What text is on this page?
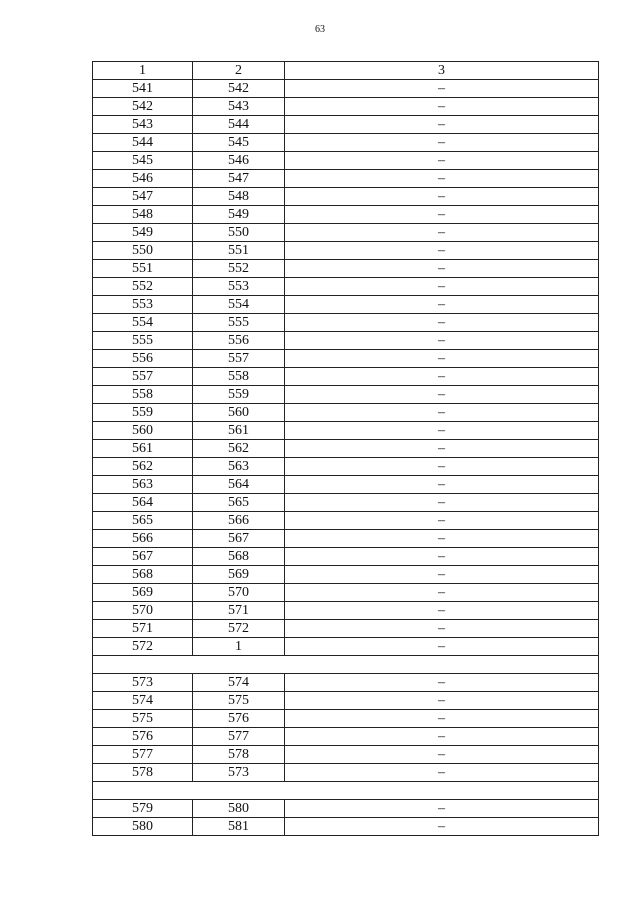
63
1	2	3
541	542	–
542	543	–
543	544	–
544	545	–
545	546	–
546	547	–
547	548	–
548	549	–
549	550	–
550	551	–
551	552	–
552	553	–
553	554	–
554	555	–
555	556	–
556	557	–
557	558	–
558	559	–
559	560	–
560	561	–
561	562	–
562	563	–
563	564	–
564	565	–
565	566	–
566	567	–
567	568	–
568	569	–
569	570	–
570	571	–
571	572	–
572	1	–

573	574	–
574	575	–
575	576	–
576	577	–
577	578	–
578	573	–

579	580	–
580	581	–
